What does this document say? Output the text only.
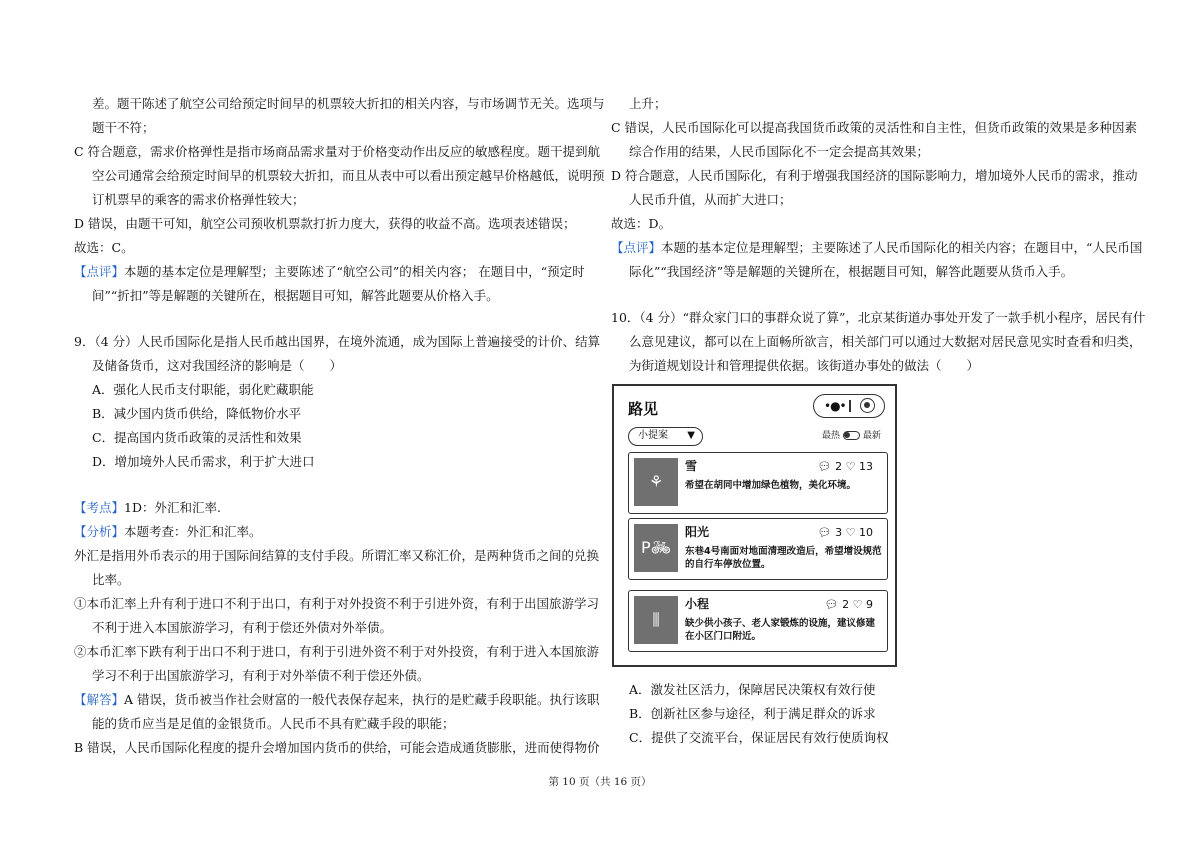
差。题干陈述了航空公司给预定时间早的机票较大折扣的相关内容，与市场调节无关。选项与
题干不符；
C 符合题意，需求价格弹性是指市场商品需求量对于价格变动作出反应的敏感程度。题干提到航
空公司通常会给预定时间早的机票较大折扣，而且从表中可以看出预定越早价格越低，说明预
订机票早的乘客的需求价格弹性较大；
D 错误，由题干可知，航空公司预收机票款打折力度大，获得的收益不高。选项表述错误；
故选：C。
【点评】本题的基本定位是理解型；主要陈述了“航空公司”的相关内容； 在题目中，“预定时
间”“折扣”等是解题的关键所在，根据题目可知，解答此题要从价格入手。
9．（4 分）人民币国际化是指人民币越出国界，在境外流通，成为国际上普遍接受的计价、结算
及储备货币，这对我国经济的影响是（　　）
A．强化人民币支付职能，弱化贮藏职能
B．减少国内货币供给，降低物价水平
C．提高国内货币政策的灵活性和效果
D．增加境外人民币需求，利于扩大进口
【考点】1D：外汇和汇率.
【分析】本题考查：外汇和汇率。
外汇是指用外币表示的用于国际间结算的支付手段。所谓汇率又称汇价，是两种货币之间的兑换
比率。
①本币汇率上升有利于进口不利于出口，有利于对外投资不利于引进外资，有利于出国旅游学习
不利于进入本国旅游学习，有利于偿还外债对外举债。
②本币汇率下跌有利于出口不利于进口，有利于引进外资不利于对外投资，有利于进入本国旅游
学习不利于出国旅游学习，有利于对外举债不利于偿还外债。
【解答】A 错误，货币被当作社会财富的一般代表保存起来，执行的是贮藏手段职能。执行该职
能的货币应当是足值的金银货币。人民币不具有贮藏手段的职能；
B 错误，人民币国际化程度的提升会增加国内货币的供给，可能会造成通货膨胀，进而使得物价
上升；
C 错误，人民币国际化可以提高我国货币政策的灵活性和自主性，但货币政策的效果是多种因素
综合作用的结果，人民币国际化不一定会提高其效果；
D 符合题意，人民币国际化，有利于增强我国经济的国际影响力，增加境外人民币的需求，推动
人民币升值，从而扩大进口；
故选：D。
【点评】本题的基本定位是理解型；主要陈述了人民币国际化的相关内容；在题目中，“人民币国
际化”“我国经济”等是解题的关键所在，根据题目可知，解答此题要从货币入手。
10．（4 分）“群众家门口的事群众说了算”，北京某街道办事处开发了一款手机小程序，居民有什
么意见建议，都可以在上面畅所欲言，相关部门可以通过大数据对居民意见实时查看和归类，
为街道规划设计和管理提供依据。该街道办事处的做法（　　）
路见	•●•
小提案 ▼	最热	最新
⚘
雪	💬︎ 2 ♡ 13
希望在胡同中增加绿色植物，美化环境。
P🚲︎
阳光	💬︎ 3 ♡ 10
东巷4号南面对地面清理改造后，希望增设规范的自行车停放位置。
⫼
小程	💬︎ 2 ♡ 9
缺少供小孩子、老人家锻炼的设施，建议修建在小区门口附近。
A．激发社区活力，保障居民决策权有效行使
B．创新社区参与途径，利于满足群众的诉求
C．提供了交流平台，保证居民有效行使质询权
第 10 页（共 16 页）
